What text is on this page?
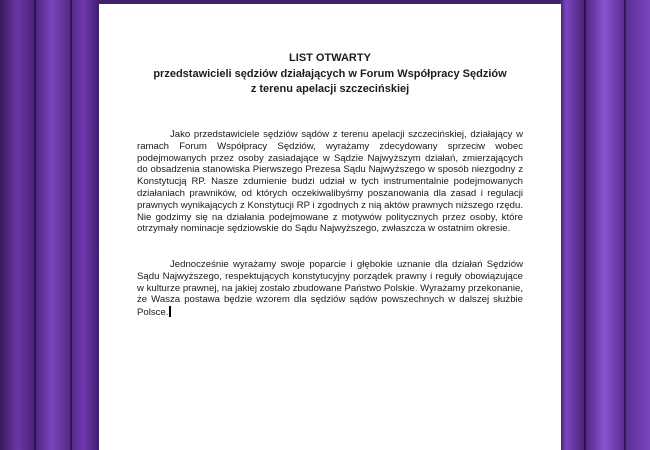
LIST OTWARTY
przedstawicieli sędziów działających w Forum Współpracy Sędziów
z terenu apelacji szczecińskiej
Jako przedstawiciele sędziów sądów z terenu apelacji szczecińskiej, działający w ramach Forum Współpracy Sędziów, wyrażamy zdecydowany sprzeciw wobec podejmowanych przez osoby zasiadające w Sądzie Najwyższym działań, zmierzających do obsadzenia stanowiska Pierwszego Prezesa Sądu Najwyższego w sposób niezgodny z Konstytucją RP. Nasze zdumienie budzi udział w tych instrumentalnie podejmowanych działaniach prawników, od których oczekiwalibyśmy poszanowania dla zasad i regulacji prawnych wynikających z Konstytucji RP i zgodnych z nią aktów prawnych niższego rzędu. Nie godzimy się na działania podejmowane z motywów politycznych przez osoby, które otrzymały nominacje sędziowskie do Sądu Najwyższego, zwłaszcza w ostatnim okresie.
Jednocześnie wyrażamy swoje poparcie i głębokie uznanie dla działań Sędziów Sądu Najwyższego, respektujących konstytucyjny porządek prawny i reguły obowiązujące w kulturze prawnej, na jakiej zostało zbudowane Państwo Polskie. Wyrażamy przekonanie, że Wasza postawa będzie wzorem dla sędziów sądów powszechnych w dalszej służbie Polsce.
